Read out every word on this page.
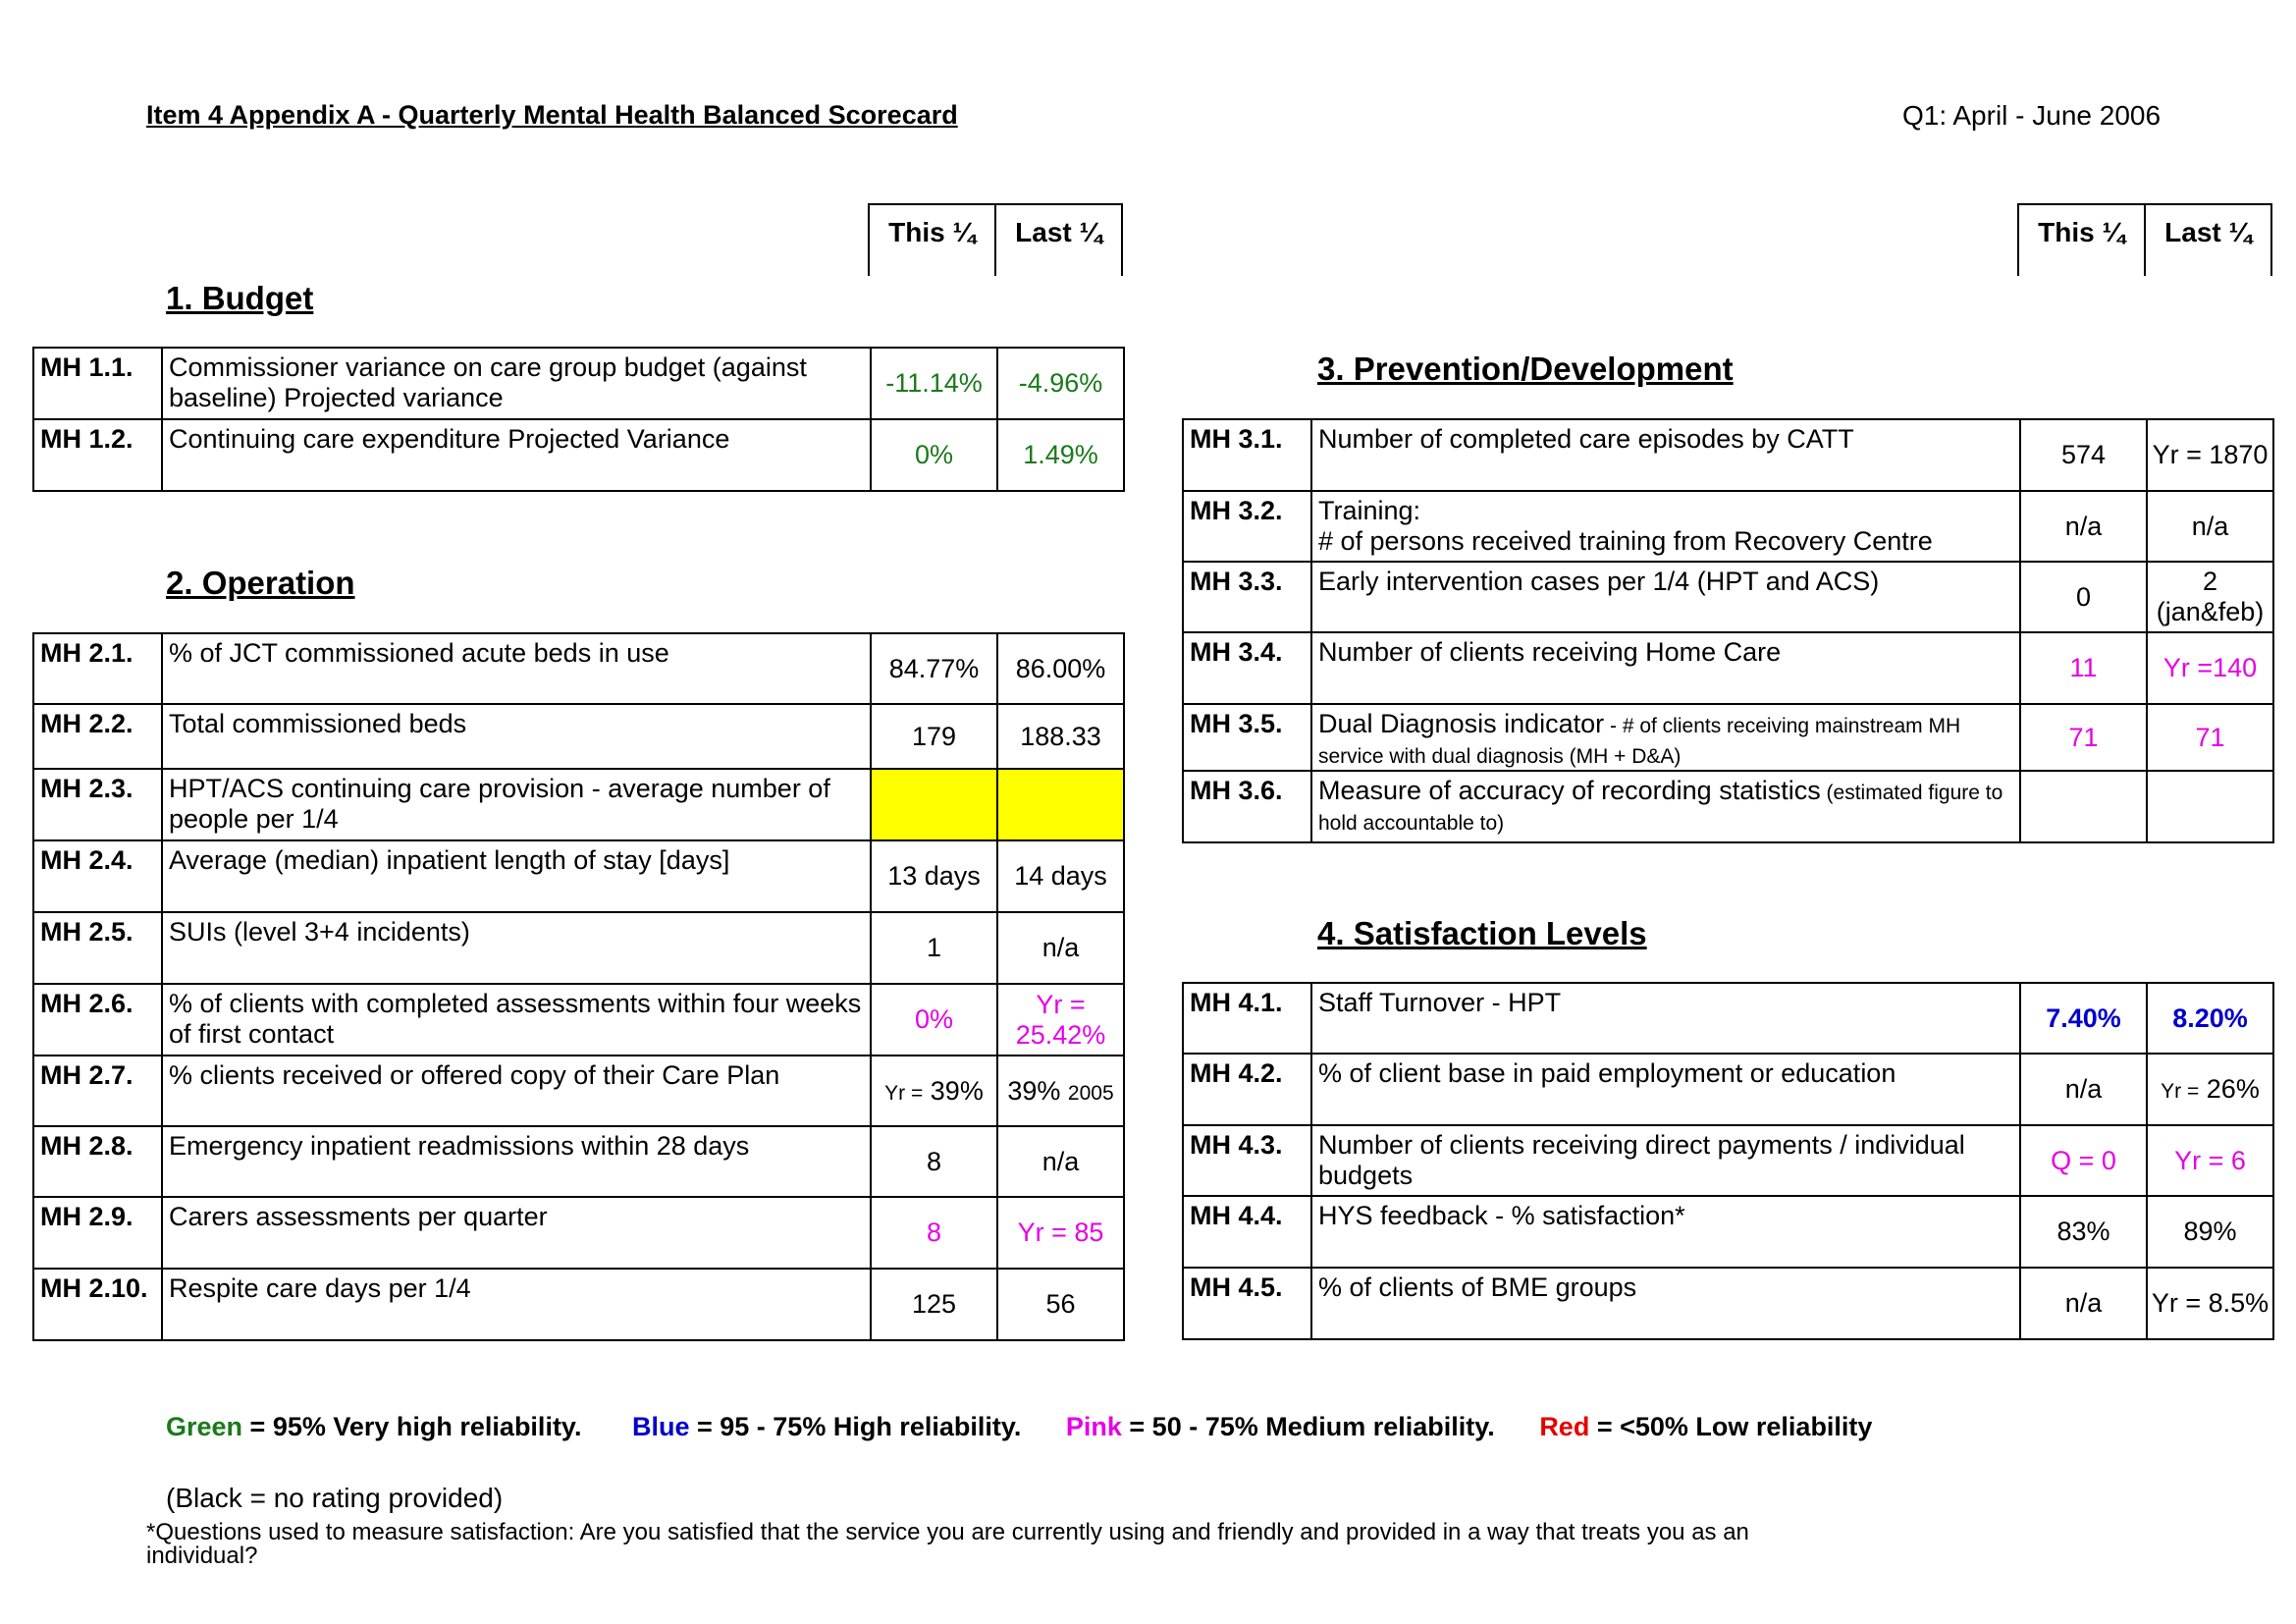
Item 4 Appendix A - Quarterly Mental Health Balanced Scorecard	Q1: April - June 2006
This ¼	Last ¼	This ¼	Last ¼
1. Budget
2. Operation
3. Prevention/Development
4. Satisfaction Levels
MH 1.1.	Commissioner variance on care group budget (against baseline) Projected variance	-11.14%	-4.96%
MH 1.2.	Continuing care expenditure Projected Variance	0%	1.49%
MH 2.1.	% of JCT commissioned acute beds in use	84.77%	86.00%
MH 2.2.	Total commissioned beds	179	188.33
MH 2.3.	HPT/ACS continuing care provision - average number of people per 1/4		
MH 2.4.	Average (median) inpatient length of stay [days]	13 days	14 days
MH 2.5.	SUIs (level 3+4 incidents)	1	n/a
MH 2.6.	% of clients with completed assessments within four weeks of first contact	0%	Yr = 25.42%
MH 2.7.	% clients received or offered copy of their Care Plan	Yr = 39%	39% 2005
MH 2.8.	Emergency inpatient readmissions within 28 days	8	n/a
MH 2.9.	Carers assessments per quarter	8	Yr = 85
MH 2.10.	Respite care days per 1/4	125	56
MH 3.1.	Number of completed care episodes by CATT	574	Yr = 1870
MH 3.2.	Training:
# of persons received training from Recovery Centre	n/a	n/a
MH 3.3.	Early intervention cases per 1/4 (HPT and ACS)	0	2 (jan&feb)
MH 3.4.	Number of clients receiving Home Care	11	Yr =140
MH 3.5.	Dual Diagnosis indicator - # of clients receiving mainstream MH service with dual diagnosis (MH + D&A)	71	71
MH 3.6.	Measure of accuracy of recording statistics (estimated figure to hold accountable to)		
MH 4.1.	Staff Turnover - HPT	7.40%	8.20%
MH 4.2.	% of client base in paid employment or education	n/a	Yr = 26%
MH 4.3.	Number of clients receiving direct payments / individual budgets	Q = 0	Yr = 6
MH 4.4.	HYS feedback - % satisfaction*	83%	89%
MH 4.5.	% of clients of BME groups	n/a	Yr = 8.5%
Green = 95% Very high reliability. Blue = 95 - 75% High reliability. Pink = 50 - 75% Medium reliability. Red = <50% Low reliability
(Black = no rating provided)
*Questions used to measure satisfaction: Are you satisfied that the service you are currently using and friendly and provided in a way that treats you as an individual?
